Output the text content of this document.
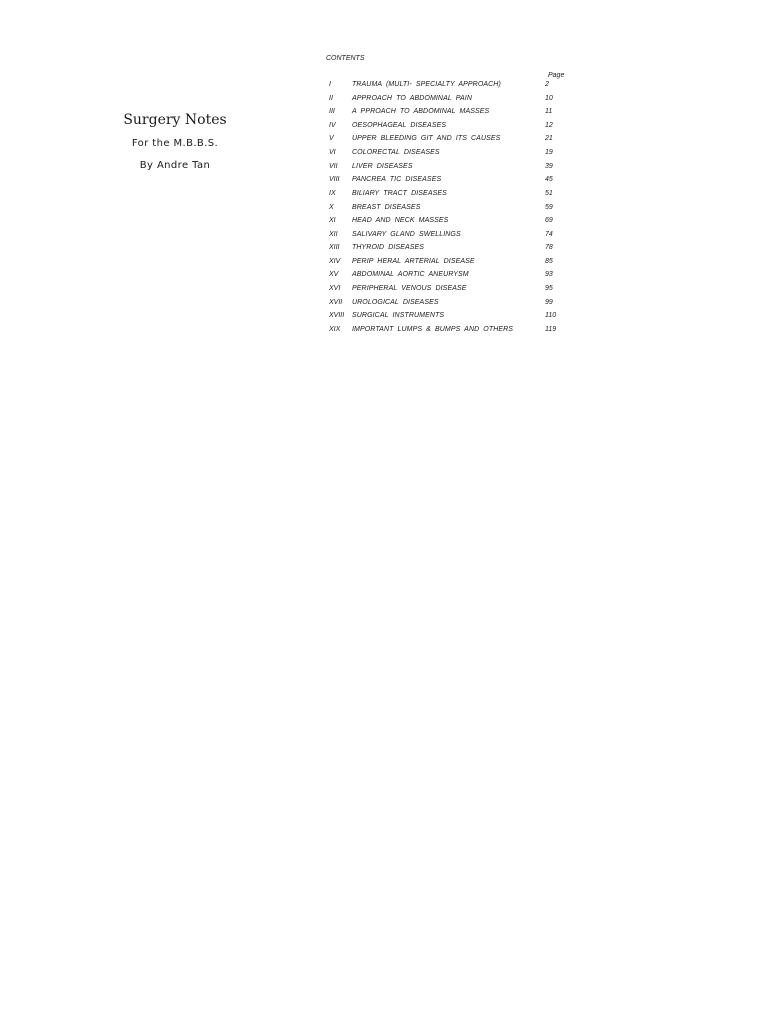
Surgery Notes
For the M.B.B.S.
By Andre Tan
CONTENTS
Page
I	TRAUMA (MULTI- SPECIALTY APPROACH)	2
II	APPROACH TO ABDOMINAL PAIN	10
III A PPROACH TO ABDOMINAL MASSES	11
IV OESOPHAGEAL DISEASES	12
V	UPPER BLEEDING GIT AND ITS CAUSES	21
VI COLORECTAL DISEASES	19
VII LIVER DISEASES	39
VIII PANCREA TIC DISEASES	45
IX BILIARY TRACT DISEASES	51
X	BREAST DISEASES	59
XI HEAD AND NECK MASSES	69
XII SALIVARY GLAND SWELLINGS	74
XIII THYROID DISEASES	78
XIV PERIP HERAL ARTERIAL DISEASE	85
XV ABDOMINAL AORTIC ANEURYSM	93
XVI PERIPHERAL VENOUS DISEASE	95
XVII UROLOGICAL DISEASES	99
XVIII SURGICAL INSTRUMENTS	110
XIX IMPORTANT LUMPS & BUMPS AND OTHERS	119
